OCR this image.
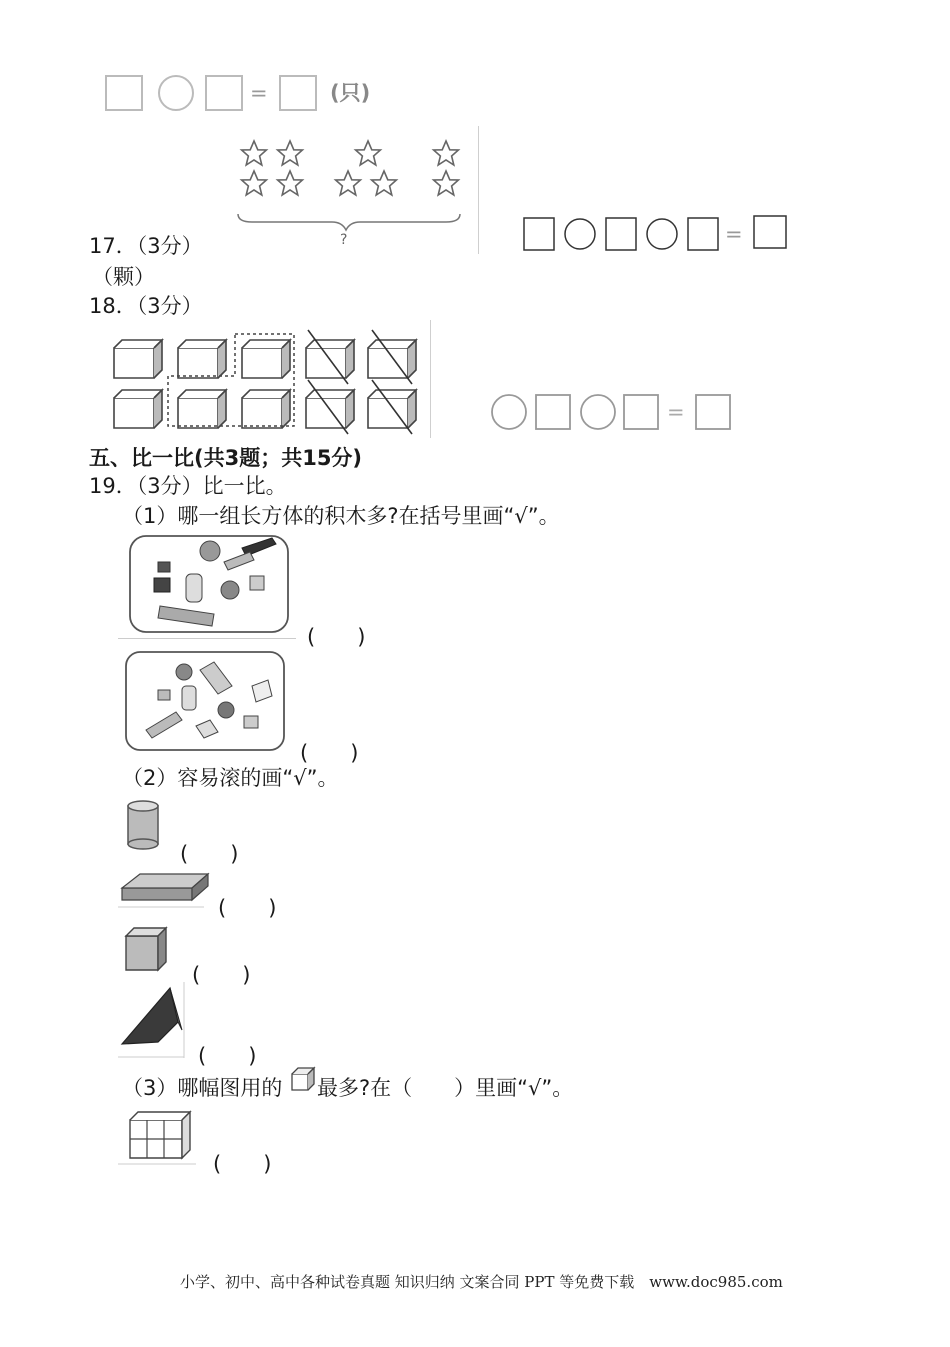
=	(只)
?	=
17．（3分）
（颗）
18．（3分）
=
五、比一比(共3题；共15分)
19．（3分）比一比。
（1）哪一组长方体的积木多?在括号里画“√”。
(　　)
(　　)
（2）容易滚的画“√”。
(　　)
(　　)
(　　)
(　　)
（3）哪幅图用的 最多?在（　　）里画“√”。
(　　)
小学、初中、高中各种试卷真题 知识归纳 文案合同 PPT 等免费下载　www.doc985.com
